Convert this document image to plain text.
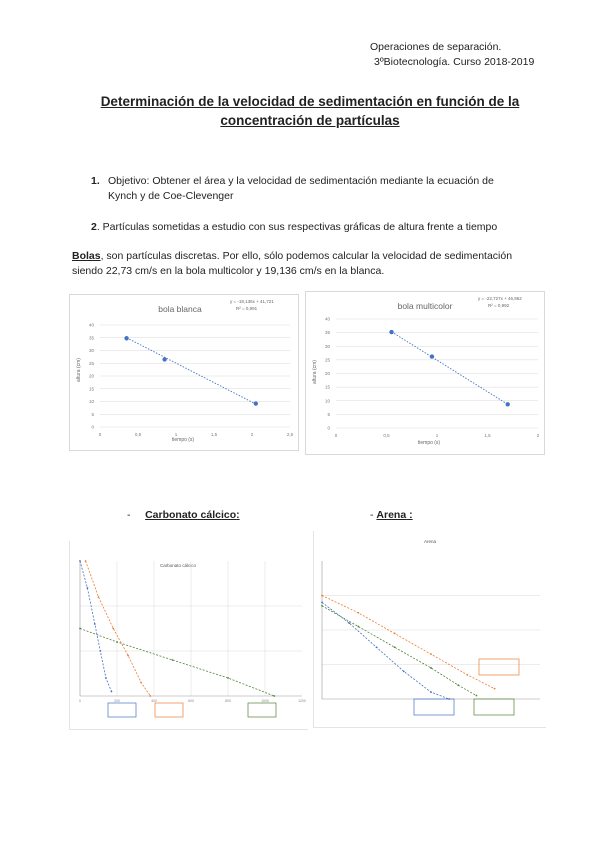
Operaciones de separación.
3ºBiotecnología. Curso 2018-2019
Determinación de la velocidad de sedimentación en función de la
concentración de partículas
1. Objetivo: Obtener el área y la velocidad de sedimentación mediante la ecuación de
Kynch y de Coe-Clevenger
2. Partículas sometidas a estudio con sus respectivas gráficas de altura frente a tiempo
Bolas, son partículas discretas. Por ello, sólo podemos calcular la velocidad de sedimentación
siendo 22,73 cm/s en la bola multicolor y 19,136 cm/s en la blanca.
bola blanca
y = -19,136x + 41,721
R² = 0,991
tiempo (s)
altura (cm)
0
5
10
15
20
25
30
35
40
0	0,5	1	1,5	2	2,5
bola multicolor
y = -22,727x + 46,962
R² = 0,992
tiempo (s)
altura (cm)
0
5
10
15
20
25
30
35
40
0	0,5	1	1,5	2
- Carbonato cálcico:	- Arena :
Carbonato cálcico
0	200	400	600	800	1000	1200
Arena
